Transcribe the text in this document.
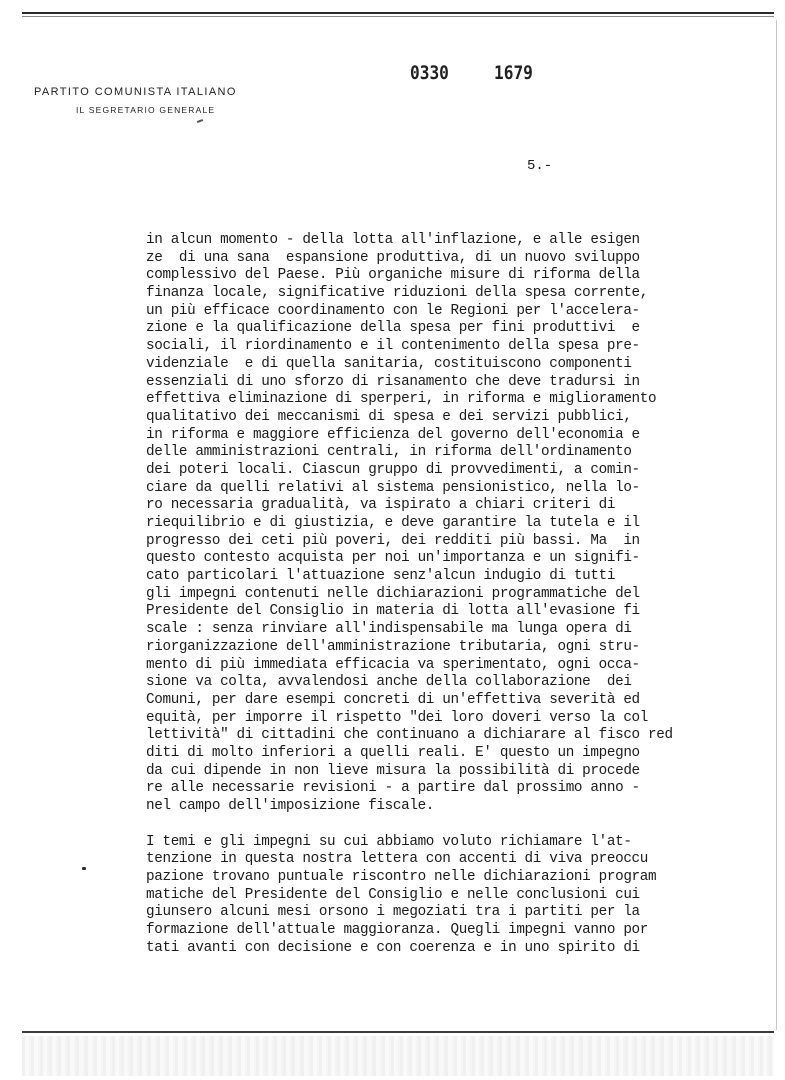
PARTITO COMUNISTA ITALIANO
IL SEGRETARIO GENERALE
0330 1679
5.-

in alcun momento - della lotta all'inflazione, e alle esigen
ze  di una sana  espansione produttiva, di un nuovo sviluppo
complessivo del Paese. Più organiche misure di riforma della
finanza locale, significative riduzioni della spesa corrente,
un più efficace coordinamento con le Regioni per l'accelera-
zione e la qualificazione della spesa per fini produttivi  e
sociali, il riordinamento e il contenimento della spesa pre-
videnziale  e di quella sanitaria, costituiscono componenti
essenziali di uno sforzo di risanamento che deve tradursi in
effettiva eliminazione di sperperi, in riforma e miglioramento
qualitativo dei meccanismi di spesa e dei servizi pubblici,
in riforma e maggiore efficienza del governo dell'economia e
delle amministrazioni centrali, in riforma dell'ordinamento
dei poteri locali. Ciascun gruppo di provvedimenti, a comin-
ciare da quelli relativi al sistema pensionistico, nella lo-
ro necessaria gradualità, va ispirato a chiari criteri di
riequilibrio e di giustizia, e deve garantire la tutela e il
progresso dei ceti più poveri, dei redditi più bassi. Ma  in
questo contesto acquista per noi un'importanza e un signifi-
cato particolari l'attuazione senz'alcun indugio di tutti
gli impegni contenuti nelle dichiarazioni programmatiche del
Presidente del Consiglio in materia di lotta all'evasione fi
scale : senza rinviare all'indispensabile ma lunga opera di
riorganizzazione dell'amministrazione tributaria, ogni stru-
mento di più immediata efficacia va sperimentato, ogni occa-
sione va colta, avvalendosi anche della collaborazione  dei
Comuni, per dare esempi concreti di un'effettiva severità ed
equità, per imporre il rispetto "dei loro doveri verso la col
lettività" di cittadini che continuano a dichiarare al fisco red
diti di molto inferiori a quelli reali. E' questo un impegno
da cui dipende in non lieve misura la possibilità di procede
re alle necessarie revisioni - a partire dal prossimo anno -
nel campo dell'imposizione fiscale.

I temi e gli impegni su cui abbiamo voluto richiamare l'at-
tenzione in questa nostra lettera con accenti di viva preoccu
pazione trovano puntuale riscontro nelle dichiarazioni program
matiche del Presidente del Consiglio e nelle conclusioni cui
giunsero alcuni mesi orsono i megoziati tra i partiti per la
formazione dell'attuale maggioranza. Quegli impegni vanno por
tati avanti con decisione e con coerenza e in uno spirito di
